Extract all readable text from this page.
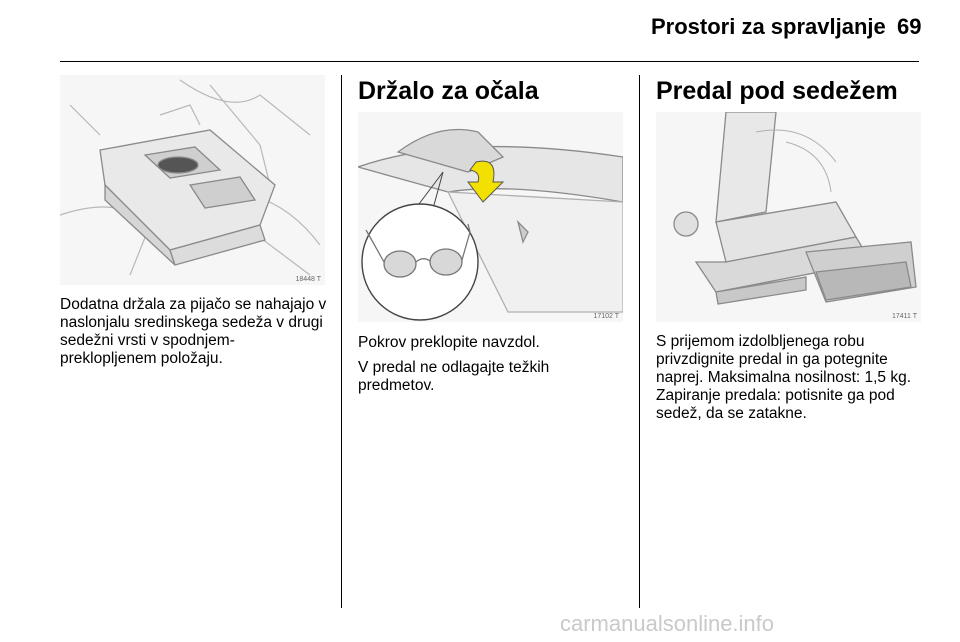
Prostori za spravljanje 69
18448 T

Dodatna držala za pijačo se nahajajo v naslonjalu sredinskega sedeža v drugi sedežni vrsti v spodnjem-preklopljenem položaju.

Držalo za očala
17102 T

Pokrov preklopite navzdol.

V predal ne odlagajte težkih predmetov.

Predal pod sedežem
17411 T

S prijemom izdolbljenega robu privzdignite predal in ga potegnite naprej. Maksimalna nosilnost: 1,5 kg. Zapiranje predala: potisnite ga pod sedež, da se zatakne.

carmanualsonline.info
